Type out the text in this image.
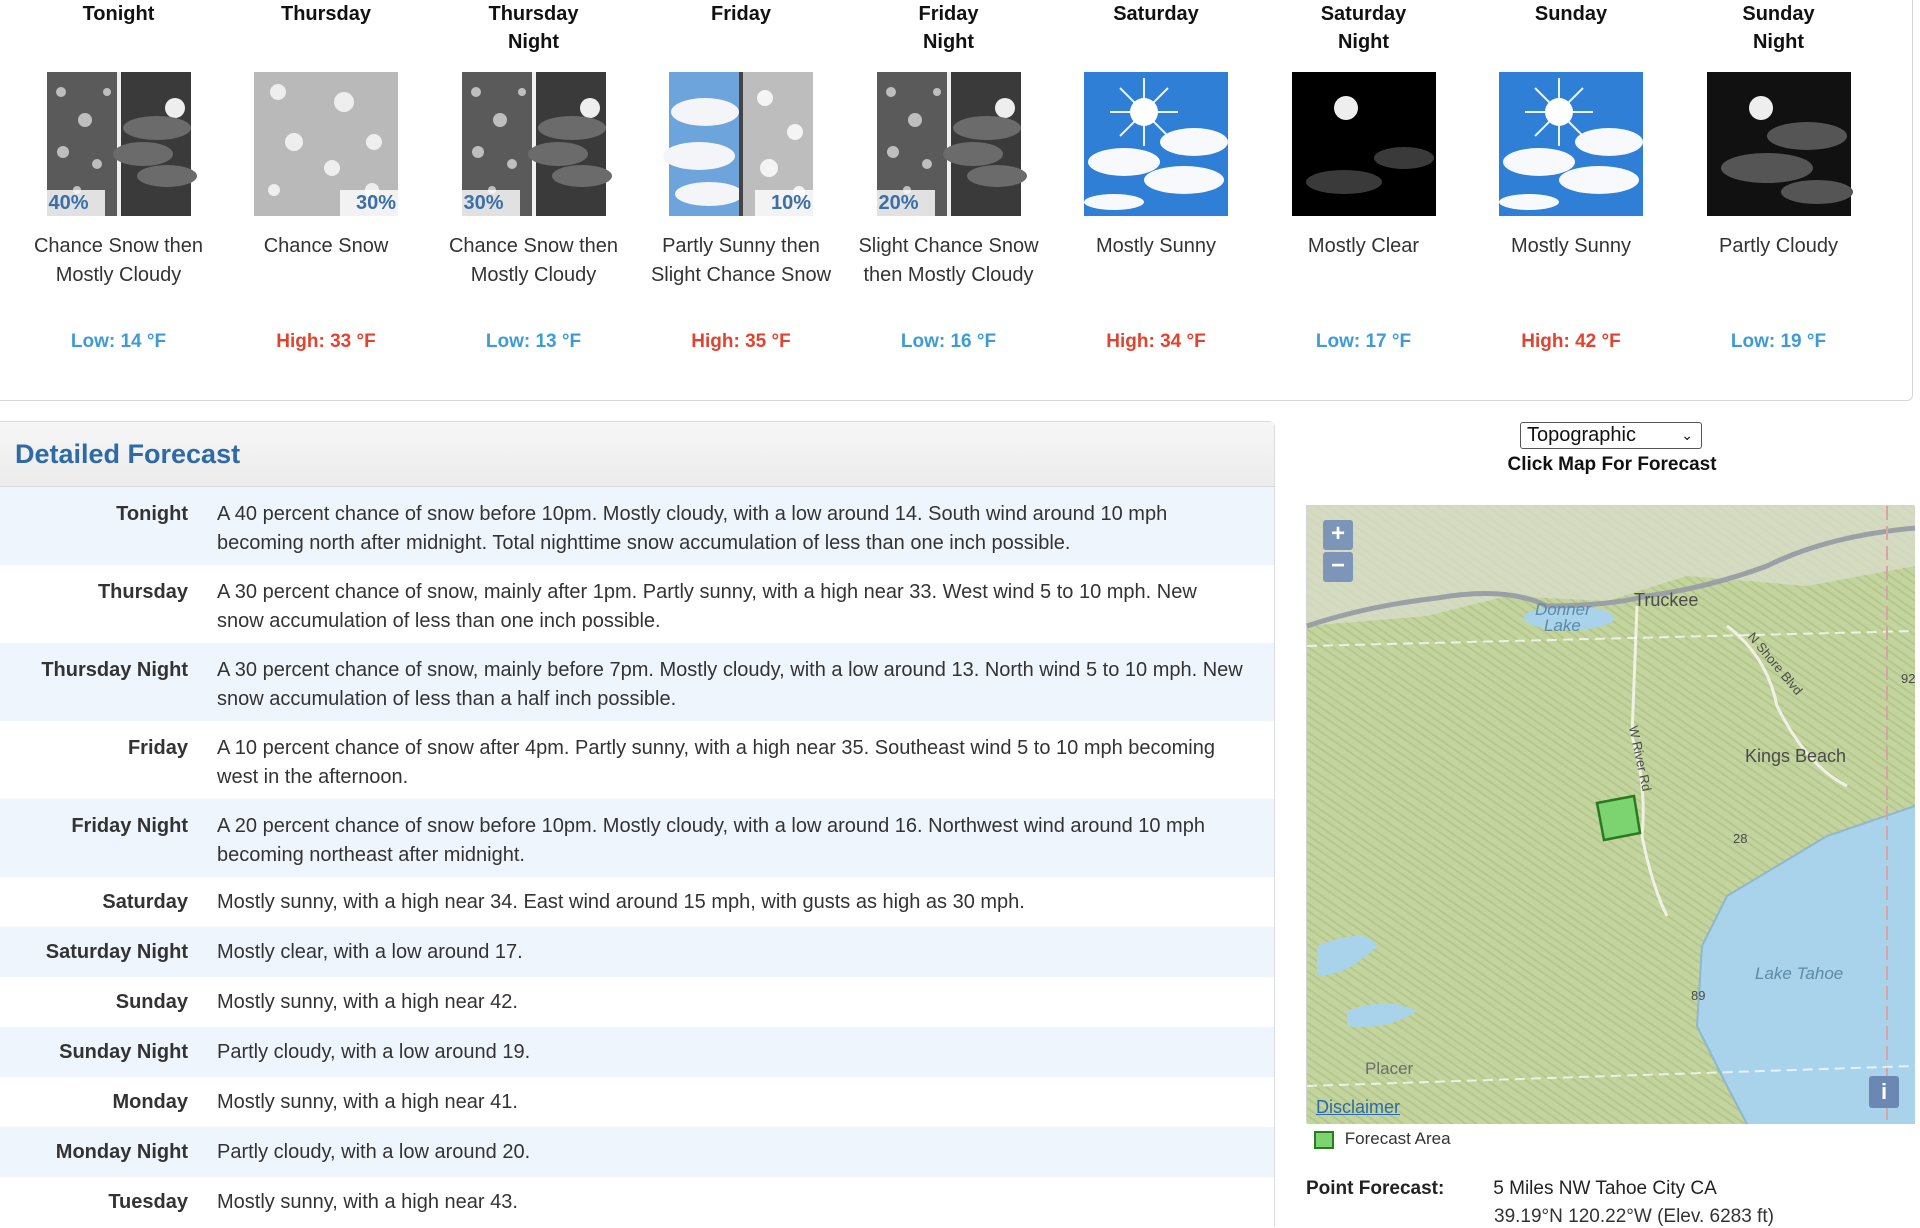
Tonight

40%
Chance Snow then Mostly Cloudy
Low: 14 °F
Thursday

30%
Chance Snow
High: 33 °F
Thursday
Night
30%
Chance Snow then Mostly Cloudy
Low: 13 °F
Friday

10%
Partly Sunny then Slight Chance Snow
High: 35 °F
Friday
Night
20%
Slight Chance Snow then Mostly Cloudy
Low: 16 °F
Saturday

Mostly Sunny
High: 34 °F
Saturday
Night
Mostly Clear
Low: 17 °F
Sunday

Mostly Sunny
High: 42 °F
Sunday
Night
Partly Cloudy
Low: 19 °F
Detailed Forecast
Tonight	A 40 percent chance of snow before 10pm. Mostly cloudy, with a low around 14. South wind around 10 mph becoming north after midnight. Total nighttime snow accumulation of less than one inch possible.
Thursday	A 30 percent chance of snow, mainly after 1pm. Partly sunny, with a high near 33. West wind 5 to 10 mph. New snow accumulation of less than one inch possible.
Thursday Night	A 30 percent chance of snow, mainly before 7pm. Mostly cloudy, with a low around 13. North wind 5 to 10 mph. New snow accumulation of less than a half inch possible.
Friday	A 10 percent chance of snow after 4pm. Partly sunny, with a high near 35. Southeast wind 5 to 10 mph becoming west in the afternoon.
Friday Night	A 20 percent chance of snow before 10pm. Mostly cloudy, with a low around 16. Northwest wind around 10 mph becoming northeast after midnight.
Saturday	Mostly sunny, with a high near 34. East wind around 15 mph, with gusts as high as 30 mph.
Saturday Night	Mostly clear, with a low around 17.
Sunday	Mostly sunny, with a high near 42.
Sunday Night	Partly cloudy, with a low around 19.
Monday	Mostly sunny, with a high near 41.
Monday Night	Partly cloudy, with a low around 20.
Tuesday	Mostly sunny, with a high near 43.
Topographic	⌄
Click Map For Forecast
Truckee
Donner
Lake
Kings Beach
Lake Tahoe
Placer
W River Rd
N Shore Blvd
28
92
89
+
−
i
Disclaimer
Forecast Area
Point Forecast:	5 Miles NW Tahoe City CA
39.19°N 120.22°W (Elev. 6283 ft)
